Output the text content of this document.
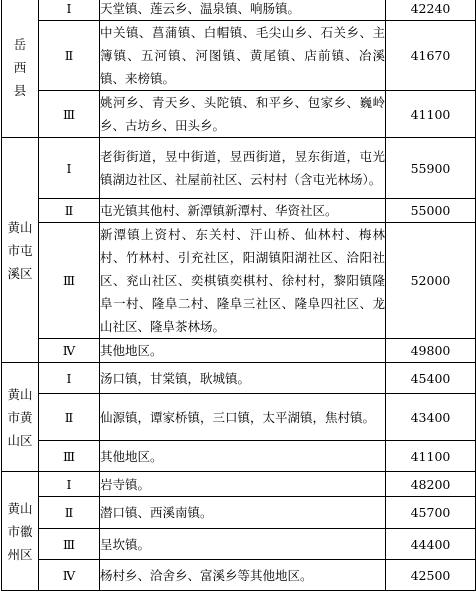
岳西县	Ⅰ	天堂镇、莲云乡、温泉镇、响肠镇。	42240
	Ⅱ	中关镇、菖蒲镇、白帽镇、毛尖山乡、石关乡、主簿镇、五河镇、河图镇、黄尾镇、店前镇、冶溪镇、来榜镇。	41670
	Ⅲ	姚河乡、青天乡、头陀镇、和平乡、包家乡、巍岭乡、古坊乡、田头乡。	41100
黄山市屯溪区	Ⅰ	老街街道，昱中街道，昱西街道，昱东街道，屯光镇湖边社区、社屋前社区、云村村（含屯光林场）。	55900
	Ⅱ	屯光镇其他村、新潭镇新潭村、华资社区。	55000
	Ⅲ	新潭镇上资村、东关村、汗山桥、仙林村、梅林村、竹林村、引充社区，阳湖镇阳湖社区、洽阳社区、兖山社区、奕棋镇奕棋村、徐村村，黎阳镇隆阜一村、隆阜二村、隆阜三社区、隆阜四社区、龙山社区、隆阜茶林场。	52000
	Ⅳ	其他地区。	49800
黄山市黄山区	Ⅰ	汤口镇，甘棠镇，耿城镇。	45400
	Ⅱ	仙源镇，谭家桥镇，三口镇，太平湖镇，焦村镇。	43400
	Ⅲ	其他地区。	41100
黄山市徽州区	Ⅰ	岩寺镇。	48200
	Ⅱ	潜口镇、西溪南镇。	45700
	Ⅲ	呈坎镇。	44400
	Ⅳ	杨村乡、洽舍乡、富溪乡等其他地区。	42500
